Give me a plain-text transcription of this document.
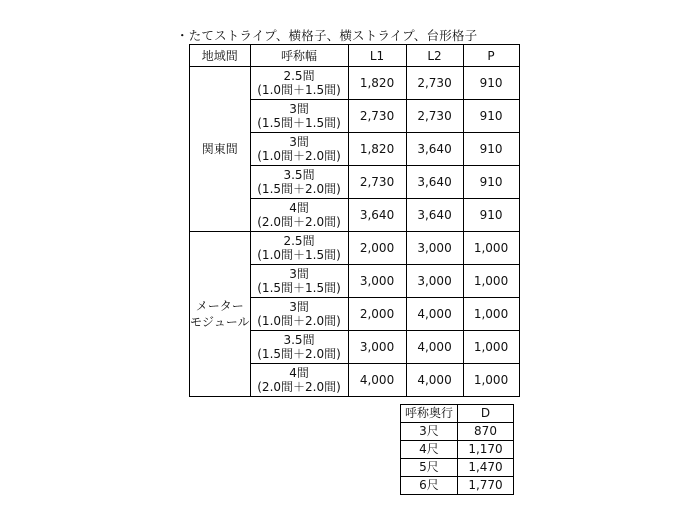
・たてストライプ、横格子、横ストライプ、台形格子
地域間	呼称幅	L1	L2	P

関東間	2.5間
(1.0間＋1.5間)	1,820	2,730	910

	3間
(1.5間＋1.5間)	2,730	2,730	910

	3間
(1.0間＋2.0間)	1,820	3,640	910

	3.5間
(1.5間＋2.0間)	2,730	3,640	910

	4間
(2.0間＋2.0間)	3,640	3,640	910

メーター
モジュール	2.5間
(1.0間＋1.5間)	2,000	3,000	1,000

	3間
(1.5間＋1.5間)	3,000	3,000	1,000

	3間
(1.0間＋2.0間)	2,000	4,000	1,000

	3.5間
(1.5間＋2.0間)	3,000	4,000	1,000

	4間
(2.0間＋2.0間)	4,000	4,000	1,000
呼称奥行	D
3尺	870
4尺	1,170
5尺	1,470
6尺	1,770
